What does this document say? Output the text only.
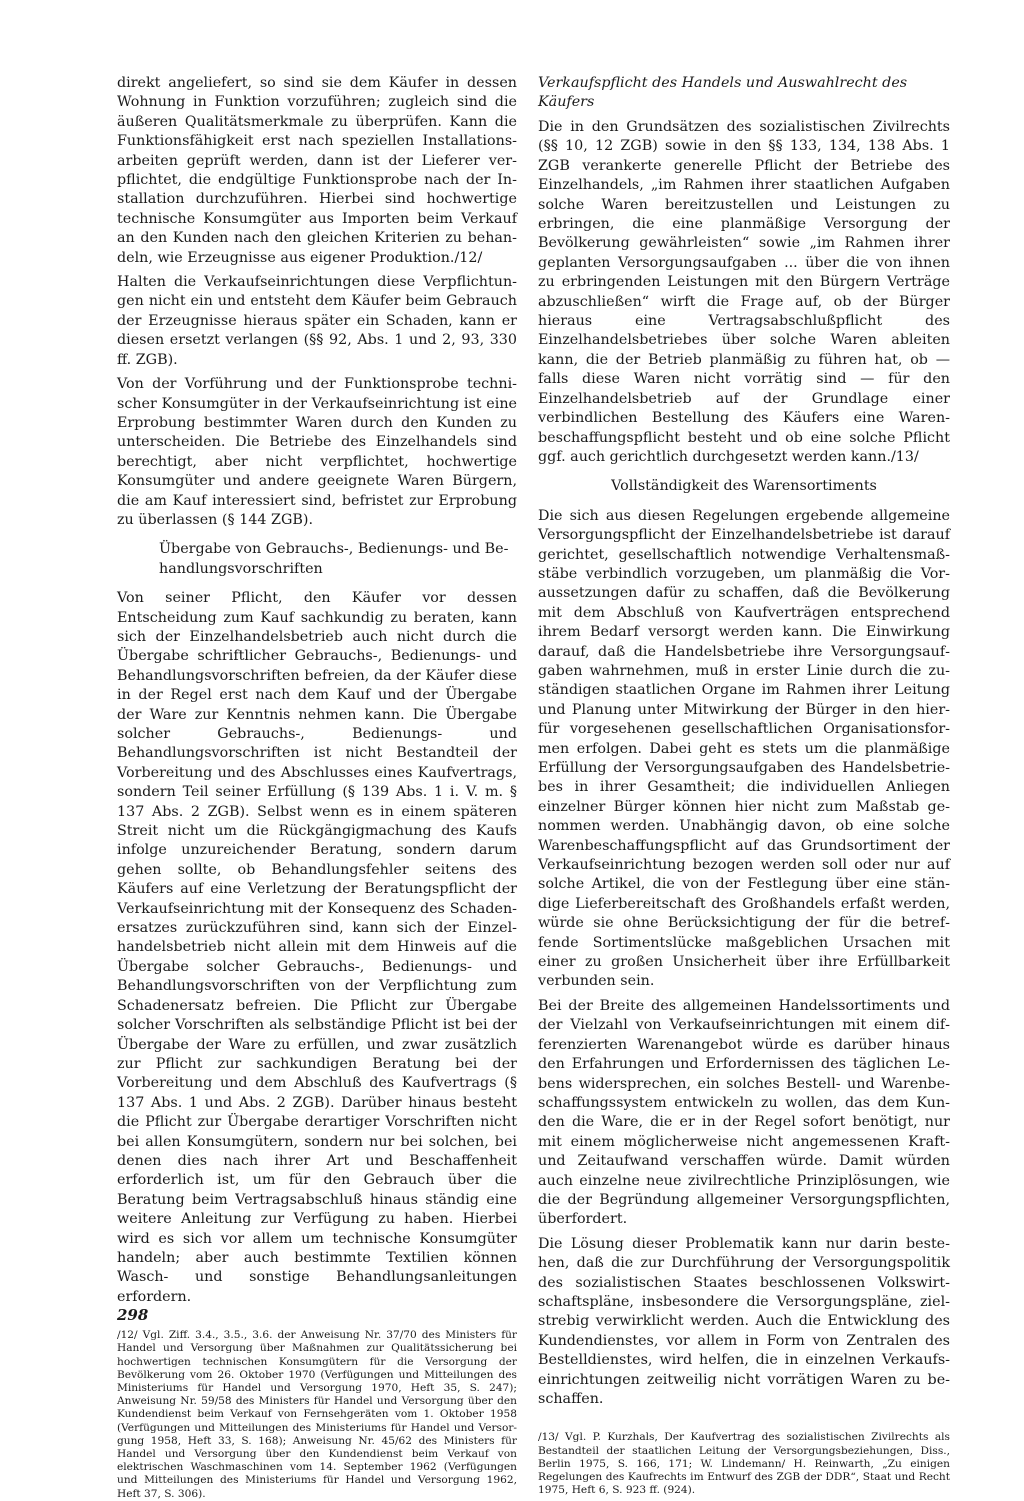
direkt angeliefert, so sind sie dem Käufer in dessen Wohnung in Funktion vorzuführen; zugleich sind die äußeren Qualitätsmerkmale zu überprüfen. Kann die Funktionsfähigkeit erst nach speziellen Installationsarbeiten geprüft werden, dann ist der Lieferer verpflichtet, die endgültige Funktionsprobe nach der Installation durchzuführen. Hierbei sind hochwertige technische Konsumgüter aus Importen beim Verkauf an den Kunden nach den gleichen Kriterien zu behandeln, wie Erzeugnisse aus eigener Produktion./12/

Halten die Verkaufseinrichtungen diese Verpflichtungen nicht ein und entsteht dem Käufer beim Gebrauch der Erzeugnisse hieraus später ein Schaden, kann er diesen ersetzt verlangen (§§ 92, Abs. 1 und 2, 93, 330 ff. ZGB).

Von der Vorführung und der Funktionsprobe technischer Konsumgüter in der Verkaufseinrichtung ist eine Erprobung bestimmter Waren durch den Kunden zu unterscheiden. Die Betriebe des Einzelhandels sind berechtigt, aber nicht verpflichtet, hochwertige Konsumgüter und andere geeignete Waren Bürgern, die am Kauf interessiert sind, befristet zur Erprobung zu überlassen (§ 144 ZGB).

Übergabe von Gebrauchs-, Bedienungs- und Behandlungsvorschriften

Von seiner Pflicht, den Käufer vor dessen Entscheidung zum Kauf sachkundig zu beraten, kann sich der Einzelhandelsbetrieb auch nicht durch die Übergabe schriftlicher Gebrauchs-, Bedienungs- und Behandlungsvorschriften befreien, da der Käufer diese in der Regel erst nach dem Kauf und der Übergabe der Ware zur Kenntnis nehmen kann. Die Übergabe solcher Gebrauchs-, Bedienungs- und Behandlungsvorschriften ist nicht Bestandteil der Vorbereitung und des Abschlusses eines Kaufvertrags, sondern Teil seiner Erfüllung (§ 139 Abs. 1 i. V. m. § 137 Abs. 2 ZGB). Selbst wenn es in einem späteren Streit nicht um die Rückgängigmachung des Kaufs infolge unzureichender Beratung, sondern darum gehen sollte, ob Behandlungsfehler seitens des Käufers auf eine Verletzung der Beratungspflicht der Verkaufseinrichtung mit der Konsequenz des Schadenersatzes zurückzuführen sind, kann sich der Einzelhandelsbetrieb nicht allein mit dem Hinweis auf die Übergabe solcher Gebrauchs-, Bedienungs- und Behandlungsvorschriften von der Verpflichtung zum Schadenersatz befreien. Die Pflicht zur Übergabe solcher Vorschriften als selbständige Pflicht ist bei der Übergabe der Ware zu erfüllen, und zwar zusätzlich zur Pflicht zur sachkundigen Beratung bei der Vorbereitung und dem Abschluß des Kaufvertrags (§ 137 Abs. 1 und Abs. 2 ZGB). Darüber hinaus besteht die Pflicht zur Übergabe derartiger Vorschriften nicht bei allen Konsumgütern, sondern nur bei solchen, bei denen dies nach ihrer Art und Beschaffenheit erforderlich ist, um für den Gebrauch über die Beratung beim Vertragsabschluß hinaus ständig eine weitere Anleitung zur Verfügung zu haben. Hierbei wird es sich vor allem um technische Konsumgüter handeln; aber auch bestimmte Textilien können Wasch- und sonstige Behandlungsanleitungen erfordern.

/12/ Vgl. Ziff. 3.4., 3.5., 3.6. der Anweisung Nr. 37/70 des Ministers für Handel und Versorgung über Maßnahmen zur Qualitätssicherung bei hochwertigen technischen Konsumgütern für die Versorgung der Bevölkerung vom 26. Oktober 1970 (Verfügungen und Mitteilungen des Ministeriums für Handel und Versorgung 1970, Heft 35, S. 247); Anweisung Nr. 59/58 des Ministers für Handel und Versorgung über den Kundendienst beim Verkauf von Fernsehgeräten vom 1. Oktober 1958 (Verfügungen und Mitteilungen des Ministeriums für Handel und Versorgung 1958, Heft 33, S. 168); Anweisung Nr. 45/62 des Ministers für Handel und Versorgung über den Kundendienst beim Verkauf von elektrischen Waschmaschinen vom 14. September 1962 (Verfügungen und Mitteilungen des Ministeriums für Handel und Versorgung 1962, Heft 37, S. 306).

Verkaufspflicht des Handels und Auswahlrecht des Käufers

Die in den Grundsätzen des sozialistischen Zivilrechts (§§ 10, 12 ZGB) sowie in den §§ 133, 134, 138 Abs. 1 ZGB verankerte generelle Pflicht der Betriebe des Einzelhandels, „im Rahmen ihrer staatlichen Aufgaben solche Waren bereitzustellen und Leistungen zu erbringen, die eine planmäßige Versorgung der Bevölkerung gewährleisten“ sowie „im Rahmen ihrer geplanten Versorgungsaufgaben ... über die von ihnen zu erbringenden Leistungen mit den Bürgern Verträge abzuschließen“ wirft die Frage auf, ob der Bürger hieraus eine Vertragsabschlußpflicht des Einzelhandelsbetriebes über solche Waren ableiten kann, die der Betrieb planmäßig zu führen hat, ob — falls diese Waren nicht vorrätig sind — für den Einzelhandelsbetrieb auf der Grundlage einer verbindlichen Bestellung des Käufers eine Warenbeschaffungspflicht besteht und ob eine solche Pflicht ggf. auch gerichtlich durchgesetzt werden kann./13/

Vollständigkeit des Warensortiments

Die sich aus diesen Regelungen ergebende allgemeine Versorgungspflicht der Einzelhandelsbetriebe ist darauf gerichtet, gesellschaftlich notwendige Verhaltensmaßstäbe verbindlich vorzugeben, um planmäßig die Voraussetzungen dafür zu schaffen, daß die Bevölkerung mit dem Abschluß von Kaufverträgen entsprechend ihrem Bedarf versorgt werden kann. Die Einwirkung darauf, daß die Handelsbetriebe ihre Versorgungsaufgaben wahrnehmen, muß in erster Linie durch die zuständigen staatlichen Organe im Rahmen ihrer Leitung und Planung unter Mitwirkung der Bürger in den hierfür vorgesehenen gesellschaftlichen Organisationsformen erfolgen. Dabei geht es stets um die planmäßige Erfüllung der Versorgungsaufgaben des Handelsbetriebes in ihrer Gesamtheit; die individuellen Anliegen einzelner Bürger können hier nicht zum Maßstab genommen werden. Unabhängig davon, ob eine solche Warenbeschaffungspflicht auf das Grundsortiment der Verkaufseinrichtung bezogen werden soll oder nur auf solche Artikel, die von der Festlegung über eine ständige Lieferbereitschaft des Großhandels erfaßt werden, würde sie ohne Berücksichtigung der für die betreffende Sortimentslücke maßgeblichen Ursachen mit einer zu großen Unsicherheit über ihre Erfüllbarkeit verbunden sein.

Bei der Breite des allgemeinen Handelssortiments und der Vielzahl von Verkaufseinrichtungen mit einem differenzierten Warenangebot würde es darüber hinaus den Erfahrungen und Erfordernissen des täglichen Lebens widersprechen, ein solches Bestell- und Warenbeschaffungssystem entwickeln zu wollen, das dem Kunden die Ware, die er in der Regel sofort benötigt, nur mit einem möglicherweise nicht angemessenen Kraft- und Zeitaufwand verschaffen würde. Damit würden auch einzelne neue zivilrechtliche Prinziplösungen, wie die der Begründung allgemeiner Versorgungspflichten, überfordert.

Die Lösung dieser Problematik kann nur darin bestehen, daß die zur Durchführung der Versorgungspolitik des sozialistischen Staates beschlossenen Volkswirtschaftspläne, insbesondere die Versorgungspläne, zielstrebig verwirklicht werden. Auch die Entwicklung des Kundendienstes, vor allem in Form von Zentralen des Bestelldienstes, wird helfen, die in einzelnen Verkaufseinrichtungen zeitweilig nicht vorrätigen Waren zu beschaffen.

/13/ Vgl. P. Kurzhals, Der Kaufvertrag des sozialistischen Zivilrechts als Bestandteil der staatlichen Leitung der Versorgungsbeziehungen, Diss., Berlin 1975, S. 166, 171; W. Lindemann/ H. Reinwarth, „Zu einigen Regelungen des Kaufrechts im Entwurf des ZGB der DDR“, Staat und Recht 1975, Heft 6, S. 923 ff. (924).

298
